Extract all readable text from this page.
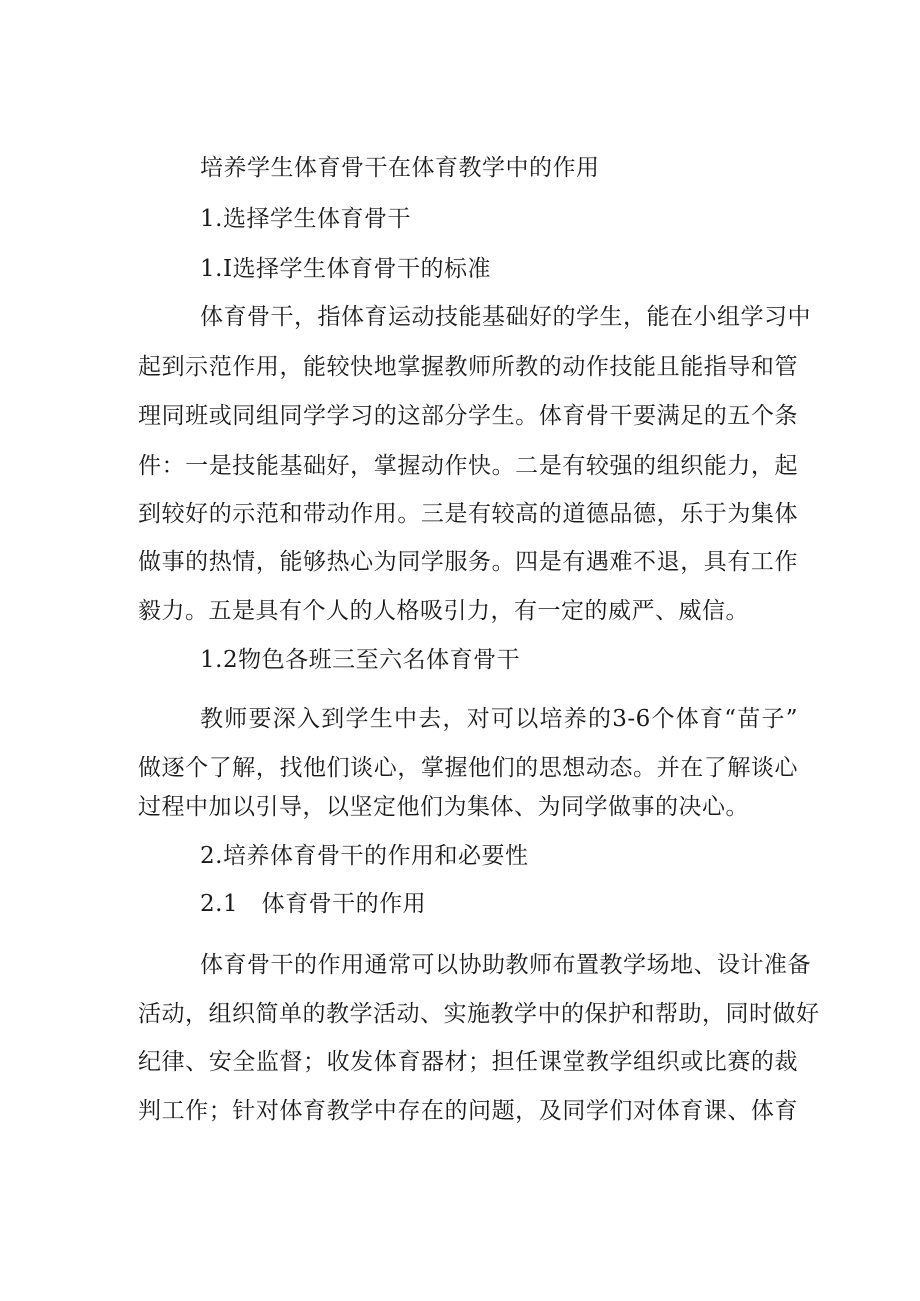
培养学生体育骨干在体育教学中的作用
1.选择学生体育骨干
1.I选择学生体育骨干的标准
体育骨干，指体育运动技能基础好的学生，能在小组学习中
起到示范作用，能较快地掌握教师所教的动作技能且能指导和管
理同班或同组同学学习的这部分学生。体育骨干要满足的五个条
件：一是技能基础好，掌握动作快。二是有较强的组织能力，起
到较好的示范和带动作用。三是有较高的道德品德，乐于为集体
做事的热情，能够热心为同学服务。四是有遇难不退，具有工作
毅力。五是具有个人的人格吸引力，有一定的威严、威信。
1.2物色各班三至六名体育骨干
教师要深入到学生中去，对可以培养的3-6个体育“苗子”
做逐个了解，找他们谈心，掌握他们的思想动态。并在了解谈心
过程中加以引导，以坚定他们为集体、为同学做事的决心。
2.培养体育骨干的作用和必要性
2.1　体育骨干的作用
体育骨干的作用通常可以协助教师布置教学场地、设计准备
活动，组织简单的教学活动、实施教学中的保护和帮助，同时做好
纪律、安全监督；收发体育器材；担任课堂教学组织或比赛的裁
判工作；针对体育教学中存在的问题，及同学们对体育课、体育
